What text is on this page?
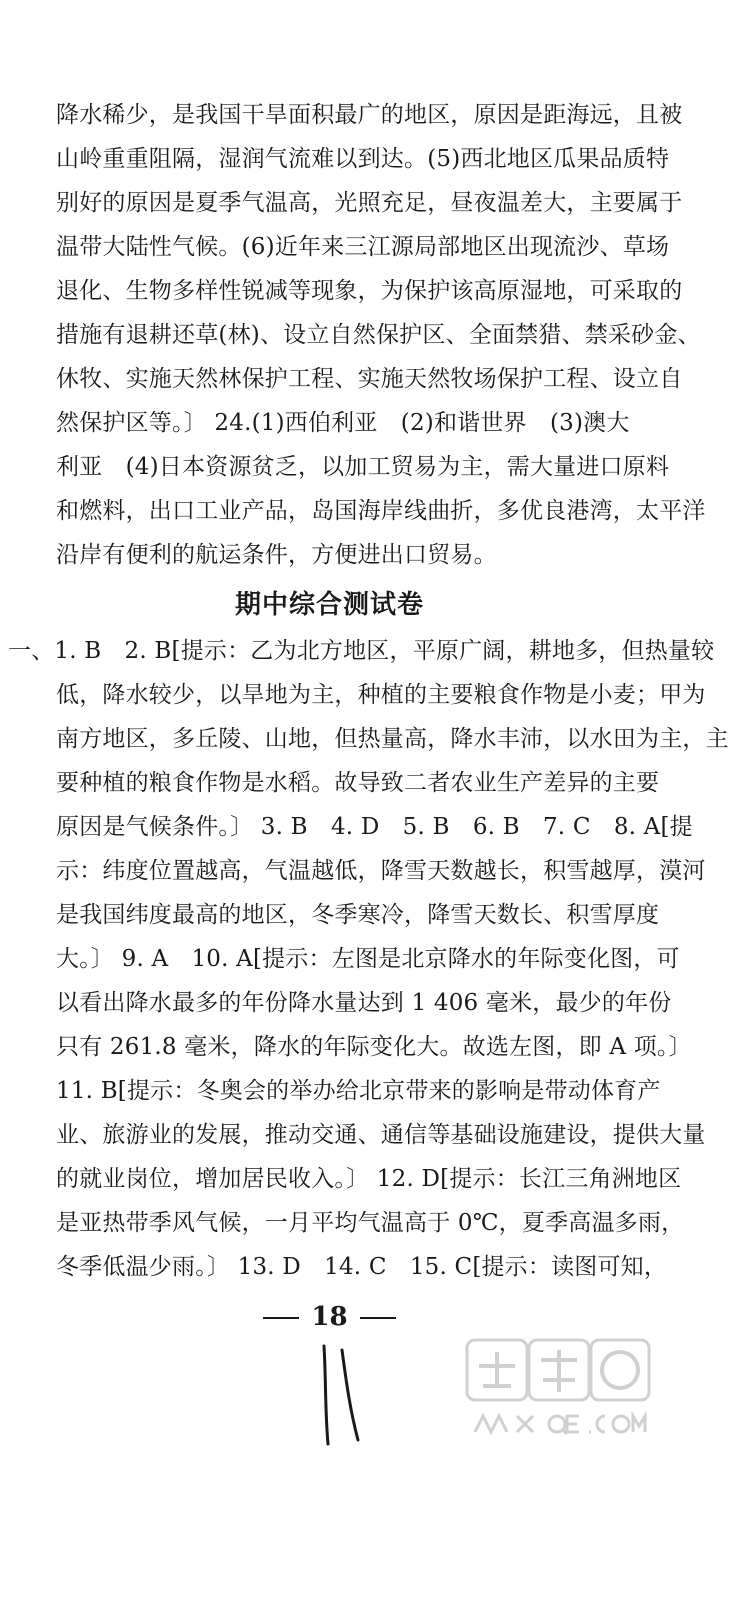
降水稀少，是我国干旱面积最广的地区，原因是距海远，且被
山岭重重阻隔，湿润气流难以到达。(5)西北地区瓜果品质特
别好的原因是夏季气温高，光照充足，昼夜温差大，主要属于
温带大陆性气候。(6)近年来三江源局部地区出现流沙、草场
退化、生物多样性锐减等现象，为保护该高原湿地，可采取的
措施有退耕还草(林)、设立自然保护区、全面禁猎、禁采砂金、
休牧、实施天然林保护工程、实施天然牧场保护工程、设立自
然保护区等。〕 24.(1)西伯利亚　(2)和谐世界　(3)澳大
利亚　(4)日本资源贫乏，以加工贸易为主，需大量进口原料
和燃料，出口工业产品，岛国海岸线曲折，多优良港湾，太平洋
沿岸有便利的航运条件，方便进出口贸易。
期中综合测试卷
一、1. B　2. B[提示：乙为北方地区，平原广阔，耕地多，但热量较
低，降水较少，以旱地为主，种植的主要粮食作物是小麦；甲为
南方地区，多丘陵、山地，但热量高，降水丰沛，以水田为主，主
要种植的粮食作物是水稻。故导致二者农业生产差异的主要
原因是气候条件。〕 3. B　4. D　5. B　6. B　7. C　8. A[提
示：纬度位置越高，气温越低，降雪天数越长，积雪越厚，漠河
是我国纬度最高的地区，冬季寒冷，降雪天数长、积雪厚度
大。〕 9. A　10. A[提示：左图是北京降水的年际变化图，可
以看出降水最多的年份降水量达到 1 406 毫米，最少的年份
只有 261.8 毫米，降水的年际变化大。故选左图，即 A 项。〕
11. B[提示：冬奥会的举办给北京带来的影响是带动体育产
业、旅游业的发展，推动交通、通信等基础设施建设，提供大量
18
的就业岗位，增加居民收入。〕 12. D[提示：长江三角洲地区
是亚热带季风气候，一月平均气温高于 0℃，夏季高温多雨，
冬季低温少雨。〕 13. D　14. C　15. C[提示：读图可知，
